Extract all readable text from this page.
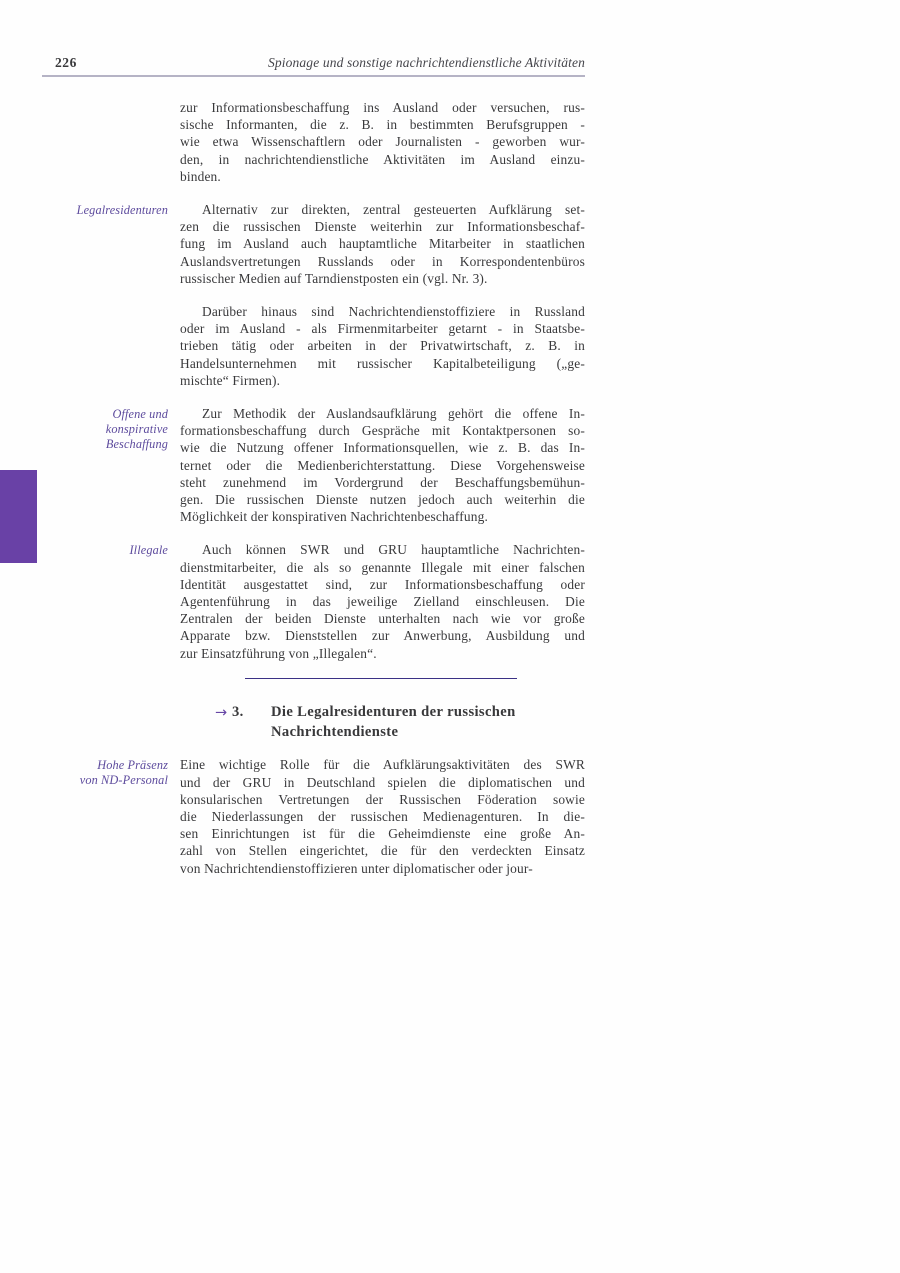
226	Spionage und sonstige nachrichtendienstliche Aktivitäten
zur Informationsbeschaffung ins Ausland oder versuchen, rus-
sische Informanten, die z. B. in bestimmten Berufsgruppen -
wie etwa Wissenschaftlern oder Journalisten - geworben wur-
den, in nachrichtendienstliche Aktivitäten im Ausland einzu-
binden.
Legalresidenturen	Alternativ zur direkten, zentral gesteuerten Aufklärung set-
zen die russischen Dienste weiterhin zur Informationsbeschaf-
fung im Ausland auch hauptamtliche Mitarbeiter in staatlichen
Auslandsvertretungen Russlands oder in Korrespondentenbüros
russischer Medien auf Tarndienstposten ein (vgl. Nr. 3).
Darüber hinaus sind Nachrichtendienstoffiziere in Russland
oder im Ausland - als Firmenmitarbeiter getarnt - in Staatsbe-
trieben tätig oder arbeiten in der Privatwirtschaft, z. B. in
Handelsunternehmen mit russischer Kapitalbeteiligung („ge-
mischte“ Firmen).
Offene und
konspirative
Beschaffung
Zur Methodik der Auslandsaufklärung gehört die offene In-
formationsbeschaffung durch Gespräche mit Kontaktpersonen so-
wie die Nutzung offener Informationsquellen, wie z. B. das In-
ternet oder die Medienberichterstattung. Diese Vorgehensweise
steht zunehmend im Vordergrund der Beschaffungsbemühun-
gen. Die russischen Dienste nutzen jedoch auch weiterhin die
Möglichkeit der konspirativen Nachrichtenbeschaffung.
Illegale	Auch können SWR und GRU hauptamtliche Nachrichten-
dienstmitarbeiter, die als so genannte Illegale mit einer falschen
Identität ausgestattet sind, zur Informationsbeschaffung oder
Agentenführung in das jeweilige Zielland einschleusen. Die
Zentralen der beiden Dienste unterhalten nach wie vor große
Apparate bzw. Dienststellen zur Anwerbung, Ausbildung und
zur Einsatzführung von „Illegalen“.
→ 3.	Die Legalresidenturen der russischen
Nachrichtendienste
Hohe Präsenz
von ND-Personal
Eine wichtige Rolle für die Aufklärungsaktivitäten des SWR
und der GRU in Deutschland spielen die diplomatischen und
konsularischen Vertretungen der Russischen Föderation sowie
die Niederlassungen der russischen Medienagenturen. In die-
sen Einrichtungen ist für die Geheimdienste eine große An-
zahl von Stellen eingerichtet, die für den verdeckten Einsatz
von Nachrichtendienstoffizieren unter diplomatischer oder jour-
